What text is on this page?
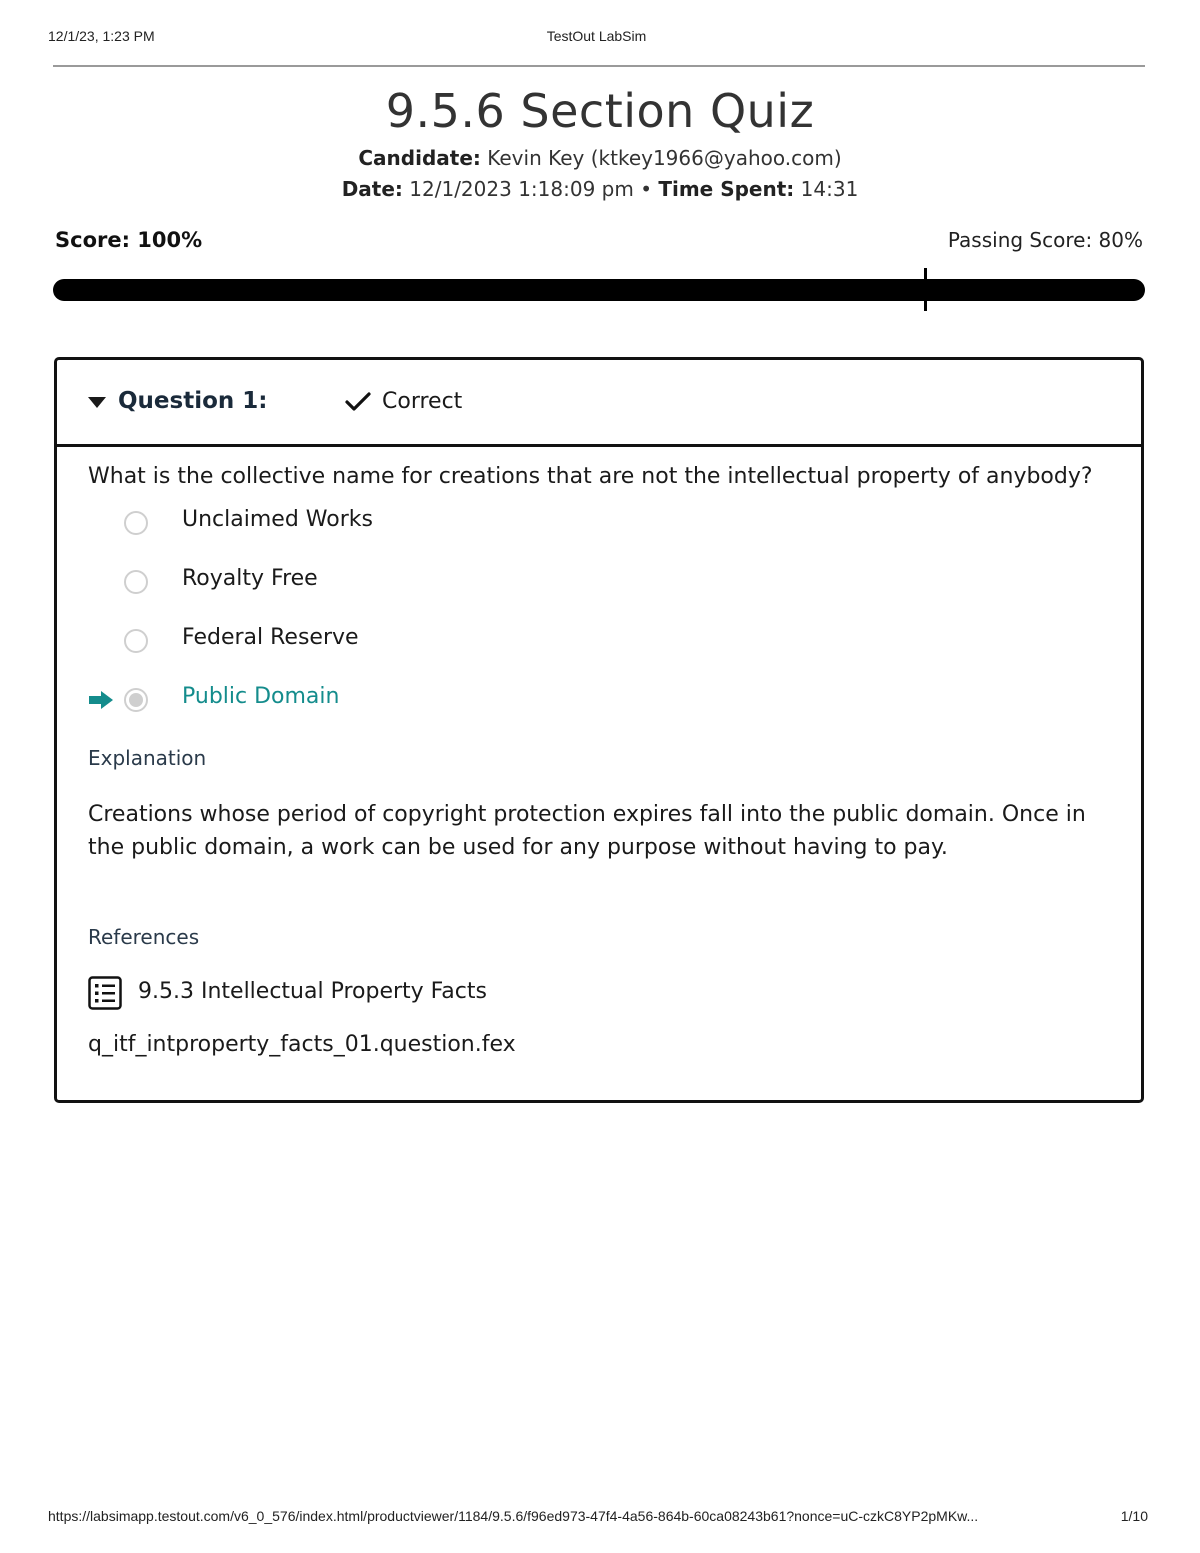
12/1/23, 1:23 PM	TestOut LabSim
9.5.6 Section Quiz
Candidate: Kevin Key (ktkey1966@yahoo.com)
Date: 12/1/2023 1:18:09 pm • Time Spent: 14:31
Score: 100%	Passing Score: 80%
Question 1:	Correct
What is the collective name for creations that are not the intellectual property of anybody?
Unclaimed Works
Royalty Free
Federal Reserve
Public Domain
Explanation
Creations whose period of copyright protection expires fall into the public domain. Once in the public domain, a work can be used for any purpose without having to pay.
References
9.5.3 Intellectual Property Facts
q_itf_intproperty_facts_01.question.fex
https://labsimapp.testout.com/v6_0_576/index.html/productviewer/1184/9.5.6/f96ed973-47f4-4a56-864b-60ca08243b61?nonce=uC-czkC8YP2pMKw...	1/10
